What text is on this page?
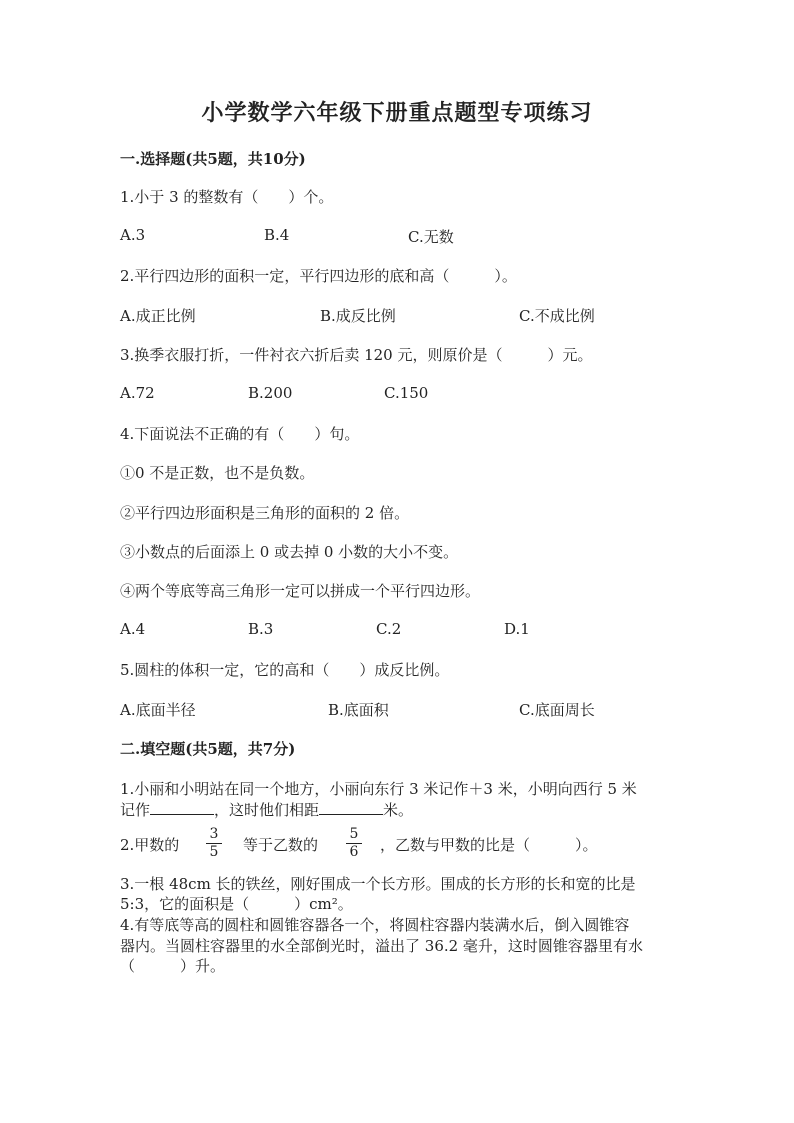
小学数学六年级下册重点题型专项练习
一.选择题(共5题，共10分)
1.小于 3 的整数有（　　）个。
A.3	B.4	C.无数
2.平行四边形的面积一定，平行四边形的底和高（　　　）。
A.成正比例	B.成反比例	C.不成比例
3.换季衣服打折，一件衬衣六折后卖 120 元，则原价是（　　　）元。
A.72	B.200	C.150
4.下面说法不正确的有（　　）句。
①0 不是正数，也不是负数。
②平行四边形面积是三角形的面积的 2 倍。
③小数点的后面添上 0 或去掉 0 小数的大小不变。
④两个等底等高三角形一定可以拼成一个平行四边形。
A.4	B.3	C.2	D.1
5.圆柱的体积一定，它的高和（　　）成反比例。
A.底面半径	B.底面积	C.底面周长
二.填空题(共5题，共7分)
1.小丽和小明站在同一个地方，小丽向东行 3 米记作＋3 米，小明向西行 5 米
记作	，这时他们相距	米。
2.甲数的 $\frac{3}{5}$ 等于乙数的 $\frac{5}{6}$ ，乙数与甲数的比是（　　　）。
3.一根 48cm 长的铁丝，刚好围成一个长方形。围成的长方形的长和宽的比是
5:3，它的面积是（　　　）cm²。
4.有等底等高的圆柱和圆锥容器各一个，将圆柱容器内装满水后，倒入圆锥容
器内。当圆柱容器里的水全部倒光时，溢出了 36.2 毫升，这时圆锥容器里有水
（　　　）升。
